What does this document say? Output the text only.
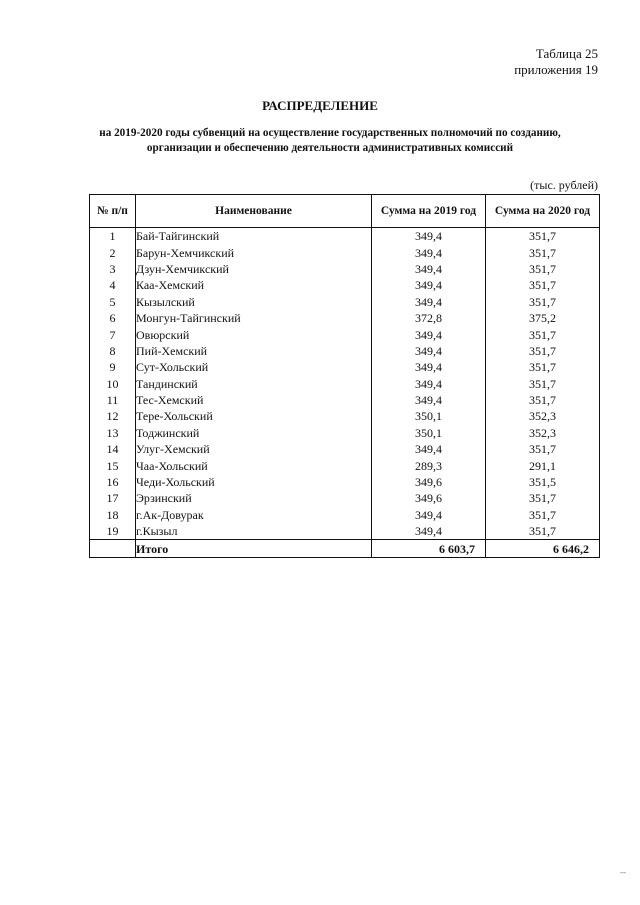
Таблица 25
приложения 19
РАСПРЕДЕЛЕНИЕ
на 2019-2020 годы субвенций на осуществление государственных полномочий по созданию,
организации и обеспечению деятельности административных комиссий
(тыс. рублей)
№ п/п	Наименование	Сумма на 2019 год	Сумма на 2020 год
1	Бай-Тайгинский	349,4	351,7
2	Барун-Хемчикский	349,4	351,7
3	Дзун-Хемчикский	349,4	351,7
4	Каа-Хемский	349,4	351,7
5	Кызылский	349,4	351,7
6	Монгун-Тайгинский	372,8	375,2
7	Овюрский	349,4	351,7
8	Пий-Хемский	349,4	351,7
9	Сут-Хольский	349,4	351,7
10	Тандинский	349,4	351,7
11	Тес-Хемский	349,4	351,7
12	Тере-Хольский	350,1	352,3
13	Тоджинский	350,1	352,3
14	Улуг-Хемский	349,4	351,7
15	Чаа-Хольский	289,3	291,1
16	Чеди-Хольский	349,6	351,5
17	Эрзинский	349,6	351,7
18	г.Ак-Довурак	349,4	351,7
19	г.Кызыл	349,4	351,7
	Итого	6 603,7	6 646,2
--
